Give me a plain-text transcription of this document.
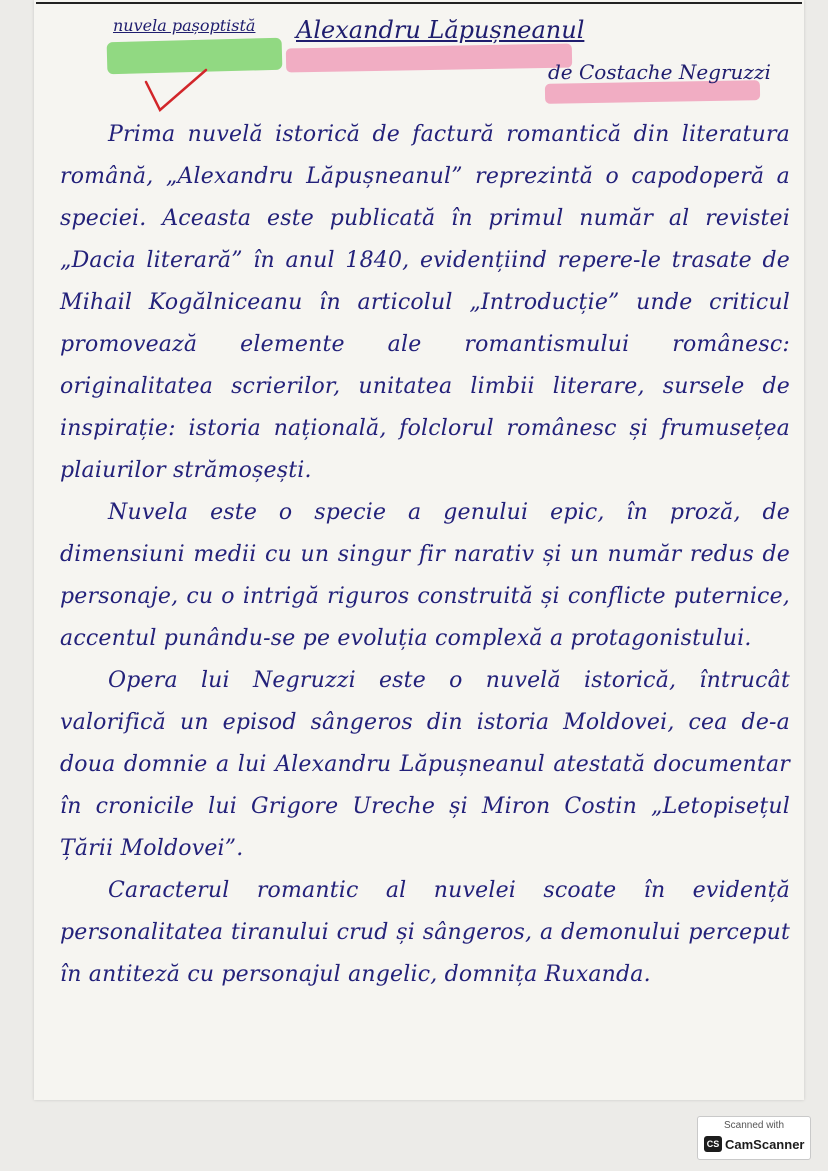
nuvela pașoptistă Alexandru Lăpușneanul
de Costache Negruzzi

Prima nuvelă istorică de factură romantică din literatura română, „Alexandru Lăpușneanul” reprezintă o capodoperă a speciei. Aceasta este publicată în primul număr al revistei „Dacia literară” în anul 1840, evidențiind repere-le trasate de Mihail Kogălniceanu în articolul „Introducție” unde criticul promovează elemente ale romantismului românesc: originalitatea scrierilor, unitatea limbii literare, sursele de inspirație: istoria națională, folclorul românesc și frumusețea plaiurilor strămoșești.

Nuvela este o specie a genului epic, în proză, de dimensiuni medii cu un singur fir narativ și un număr redus de personaje, cu o intrigă riguros construită și conflicte puternice, accentul punându-se pe evoluția complexă a protagonistului.

Opera lui Negruzzi este o nuvelă istorică, întrucât valorifică un episod sângeros din istoria Moldovei, cea de-a doua domnie a lui Alexandru Lăpușneanul atestată documentar în cronicile lui Grigore Ureche și Miron Costin „Letopisețul Țării Moldovei”.

Caracterul romantic al nuvelei scoate în evidență personalitatea tiranului crud și sângeros, a demonului perceput în antiteză cu personajul angelic, domnița Ruxanda.

Scanned with
CS CamScanner
